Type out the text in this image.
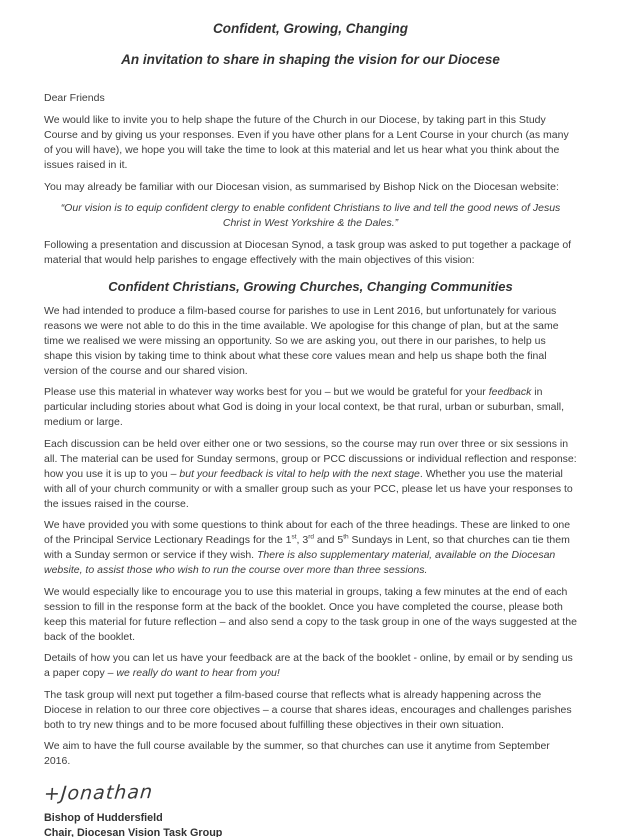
Confident, Growing, Changing
An invitation to share in shaping the vision for our Diocese
Dear Friends
We would like to invite you to help shape the future of the Church in our Diocese, by taking part in this Study Course and by giving us your responses. Even if you have other plans for a Lent Course in your church (as many of you will have), we hope you will take the time to look at this material and let us hear what you think about the issues raised in it.
You may already be familiar with our Diocesan vision, as summarised by Bishop Nick on the Diocesan website:
“Our vision is to equip confident clergy to enable confident Christians to live and tell the good news of Jesus Christ in West Yorkshire & the Dales.”
Following a presentation and discussion at Diocesan Synod, a task group was asked to put together a package of material that would help parishes to engage effectively with the main objectives of this vision:
Confident Christians, Growing Churches, Changing Communities
We had intended to produce a film-based course for parishes to use in Lent 2016, but unfortunately for various reasons we were not able to do this in the time available. We apologise for this change of plan, but at the same time we realised we were missing an opportunity. So we are asking you, out there in our parishes, to help us shape this vision by taking time to think about what these core values mean and help us shape both the final version of the course and our shared vision.
Please use this material in whatever way works best for you – but we would be grateful for your feedback in particular including stories about what God is doing in your local context, be that rural, urban or suburban, small, medium or large.
Each discussion can be held over either one or two sessions, so the course may run over three or six sessions in all. The material can be used for Sunday sermons, group or PCC discussions or individual reflection and response: how you use it is up to you – but your feedback is vital to help with the next stage. Whether you use the material with all of your church community or with a smaller group such as your PCC, please let us have your responses to the issues raised in the course.
We have provided you with some questions to think about for each of the three headings. These are linked to one of the Principal Service Lectionary Readings for the 1st, 3rd and 5th Sundays in Lent, so that churches can tie them with a Sunday sermon or service if they wish. There is also supplementary material, available on the Diocesan website, to assist those who wish to run the course over more than three sessions.
We would especially like to encourage you to use this material in groups, taking a few minutes at the end of each session to fill in the response form at the back of the booklet. Once you have completed the course, please both keep this material for future reflection – and also send a copy to the task group in one of the ways suggested at the back of the booklet.
Details of how you can let us have your feedback are at the back of the booklet - online, by email or by sending us a paper copy – we really do want to hear from you!
The task group will next put together a film-based course that reflects what is already happening across the Diocese in relation to our three core objectives – a course that shares ideas, encourages and challenges parishes both to try new things and to be more focused about fulfilling these objectives in their own situation.
We aim to have the full course available by the summer, so that churches can use it anytime from September 2016.
+Jonathan
Bishop of Huddersfield
Chair, Diocesan Vision Task Group
